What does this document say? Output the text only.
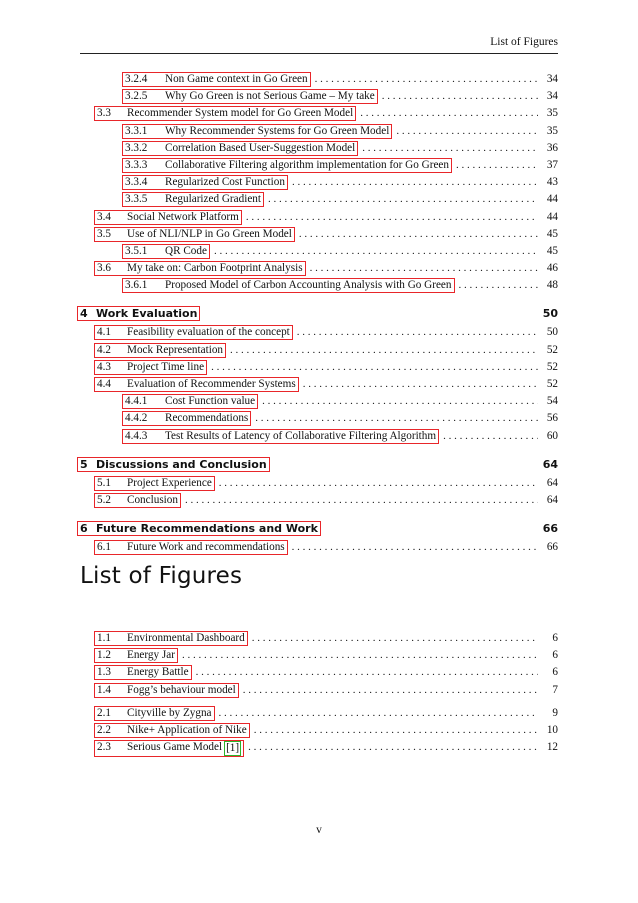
List of Figures
3.2.4	Non Game context in Go Green . . .	34
3.2.5	Why Go Green is not Serious Game – My take . . .	34
3.3	Recommender System model for Go Green Model . . .	35
3.3.1	Why Recommender Systems for Go Green Model . . .	35
3.3.2	Correlation Based User-Suggestion Model . . .	36
3.3.3	Collaborative Filtering algorithm implementation for Go Green . . .	37
3.3.4	Regularized Cost Function . . .	43
3.3.5	Regularized Gradient . . .	44
3.4	Social Network Platform . . .	44
3.5	Use of NLI/NLP in Go Green Model . . .	45
3.5.1	QR Code . . .	45
3.6	My take on: Carbon Footprint Analysis . . .	46
3.6.1	Proposed Model of Carbon Accounting Analysis with Go Green . . .	48
4 Work Evaluation	50
4.1	Feasibility evaluation of the concept . . .	50
4.2	Mock Representation . . .	52
4.3	Project Time line . . .	52
4.4	Evaluation of Recommender Systems . . .	52
4.4.1	Cost Function value . . .	54
4.4.2	Recommendations . . .	56
4.4.3	Test Results of Latency of Collaborative Filtering Algorithm . . .	60
5 Discussions and Conclusion	64
5.1	Project Experience . . .	64
5.2	Conclusion . . .	64
6 Future Recommendations and Work	66
6.1	Future Work and recommendations . . .	66
List of Figures
1.1	Environmental Dashboard . . .	6
1.2	Energy Jar . . .	6
1.3	Energy Battle . . .	6
1.4	Fogg’s behaviour model . . .	7
2.1	Cityville by Zygna . . .	9
2.2	Nike+ Application of Nike . . .	10
2.3	Serious Game Model [1] . . .	12
v
